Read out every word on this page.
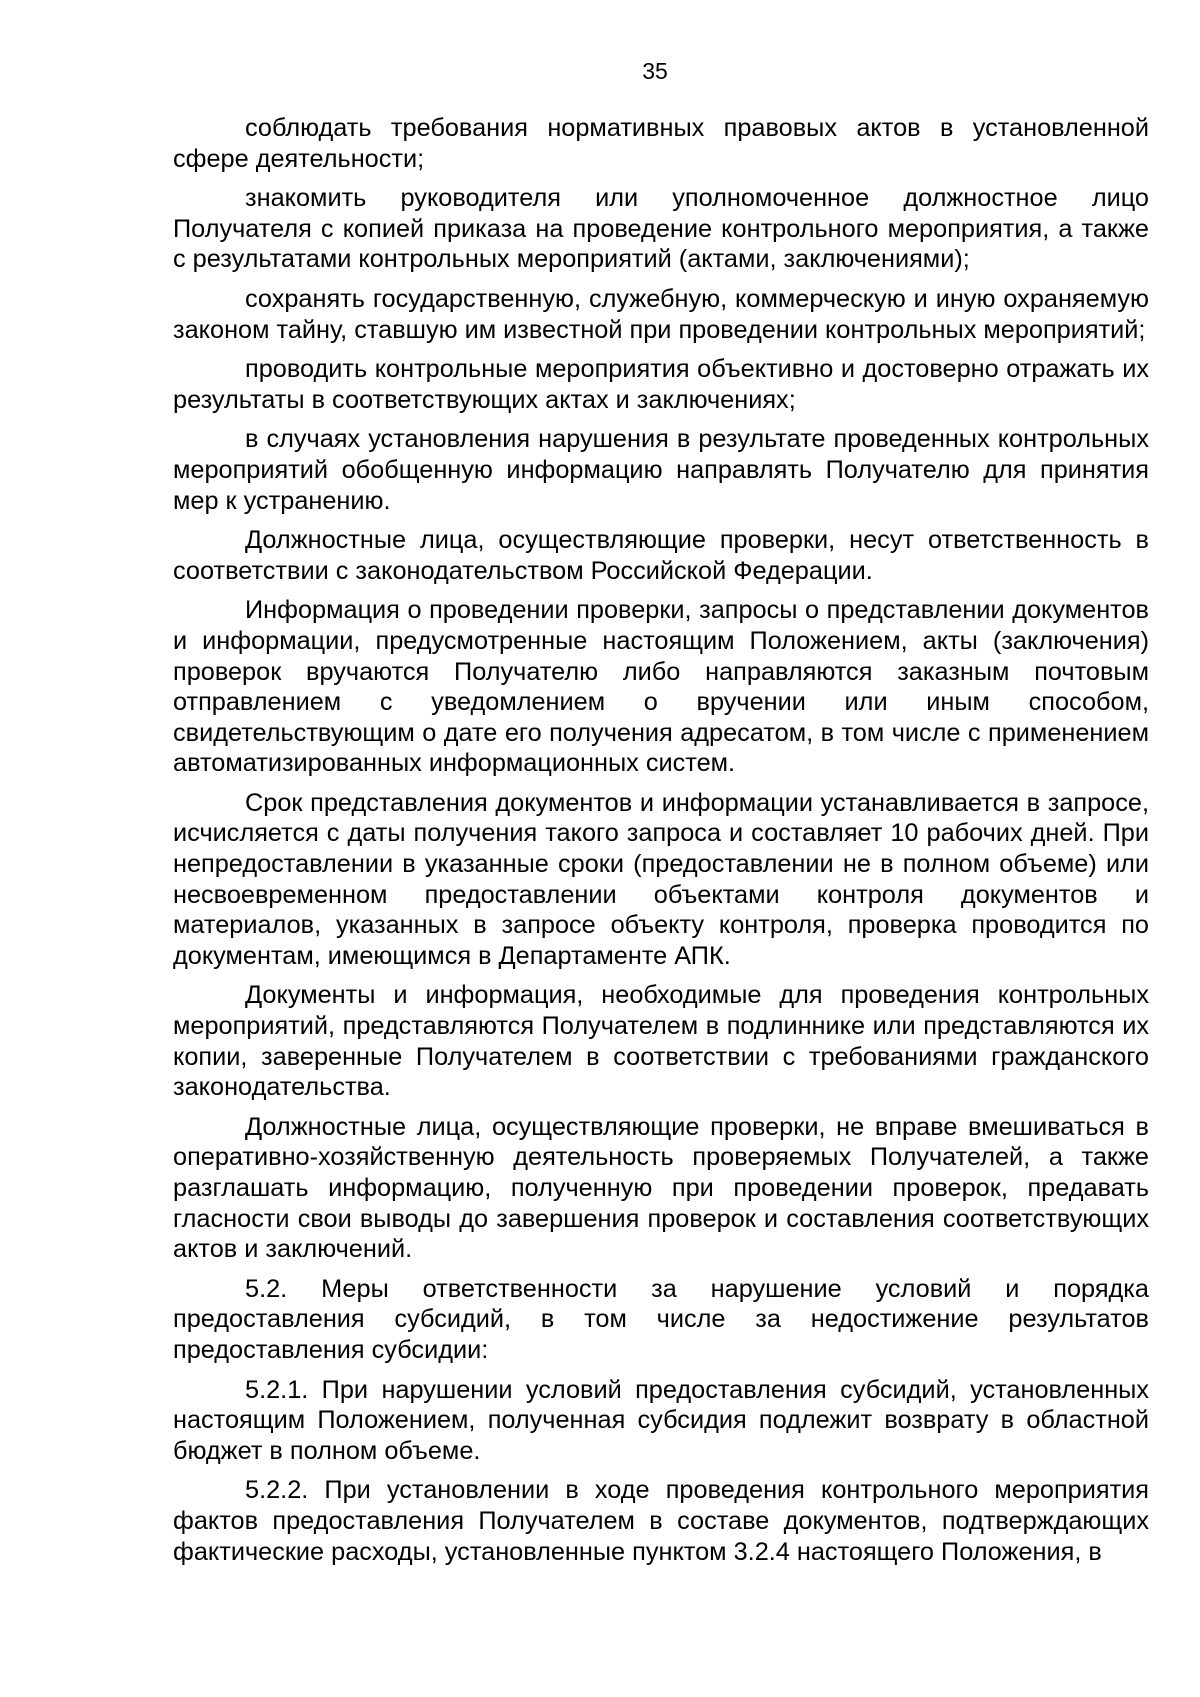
35

соблюдать требования нормативных правовых актов в установленной сфере деятельности;

знакомить руководителя или уполномоченное должностное лицо Получателя с копией приказа на проведение контрольного мероприятия, а также с результатами контрольных мероприятий (актами, заключениями);

сохранять государственную, служебную, коммерческую и иную охраняемую законом тайну, ставшую им известной при проведении контрольных мероприятий;

проводить контрольные мероприятия объективно и достоверно отражать их результаты в соответствующих актах и заключениях;

в случаях установления нарушения в результате проведенных контрольных мероприятий обобщенную информацию направлять Получателю для принятия мер к устранению.

Должностные лица, осуществляющие проверки, несут ответственность в соответствии с законодательством Российской Федерации.

Информация о проведении проверки, запросы о представлении документов и информации, предусмотренные настоящим Положением, акты (заключения) проверок вручаются Получателю либо направляются заказным почтовым отправлением с уведомлением о вручении или иным способом, свидетельствующим о дате его получения адресатом, в том числе с применением автоматизированных информационных систем.

Срок представления документов и информации устанавливается в запросе, исчисляется с даты получения такого запроса и составляет 10 рабочих дней. При непредоставлении в указанные сроки (предоставлении не в полном объеме) или несвоевременном предоставлении объектами контроля документов и материалов, указанных в запросе объекту контроля, проверка проводится по документам, имеющимся в Департаменте АПК.

Документы и информация, необходимые для проведения контрольных мероприятий, представляются Получателем в подлиннике или представляются их копии, заверенные Получателем в соответствии с требованиями гражданского законодательства.

Должностные лица, осуществляющие проверки, не вправе вмешиваться в оперативно-хозяйственную деятельность проверяемых Получателей, а также разглашать информацию, полученную при проведении проверок, предавать гласности свои выводы до завершения проверок и составления соответствующих актов и заключений.

5.2. Меры ответственности за нарушение условий и порядка предоставления субсидий, в том числе за недостижение результатов предоставления субсидии:

5.2.1. При нарушении условий предоставления субсидий, установленных настоящим Положением, полученная субсидия подлежит возврату в областной бюджет в полном объеме.

5.2.2. При установлении в ходе проведения контрольного мероприятия фактов предоставления Получателем в составе документов, подтверждающих фактические расходы, установленные пунктом 3.2.4 настоящего Положения, в
